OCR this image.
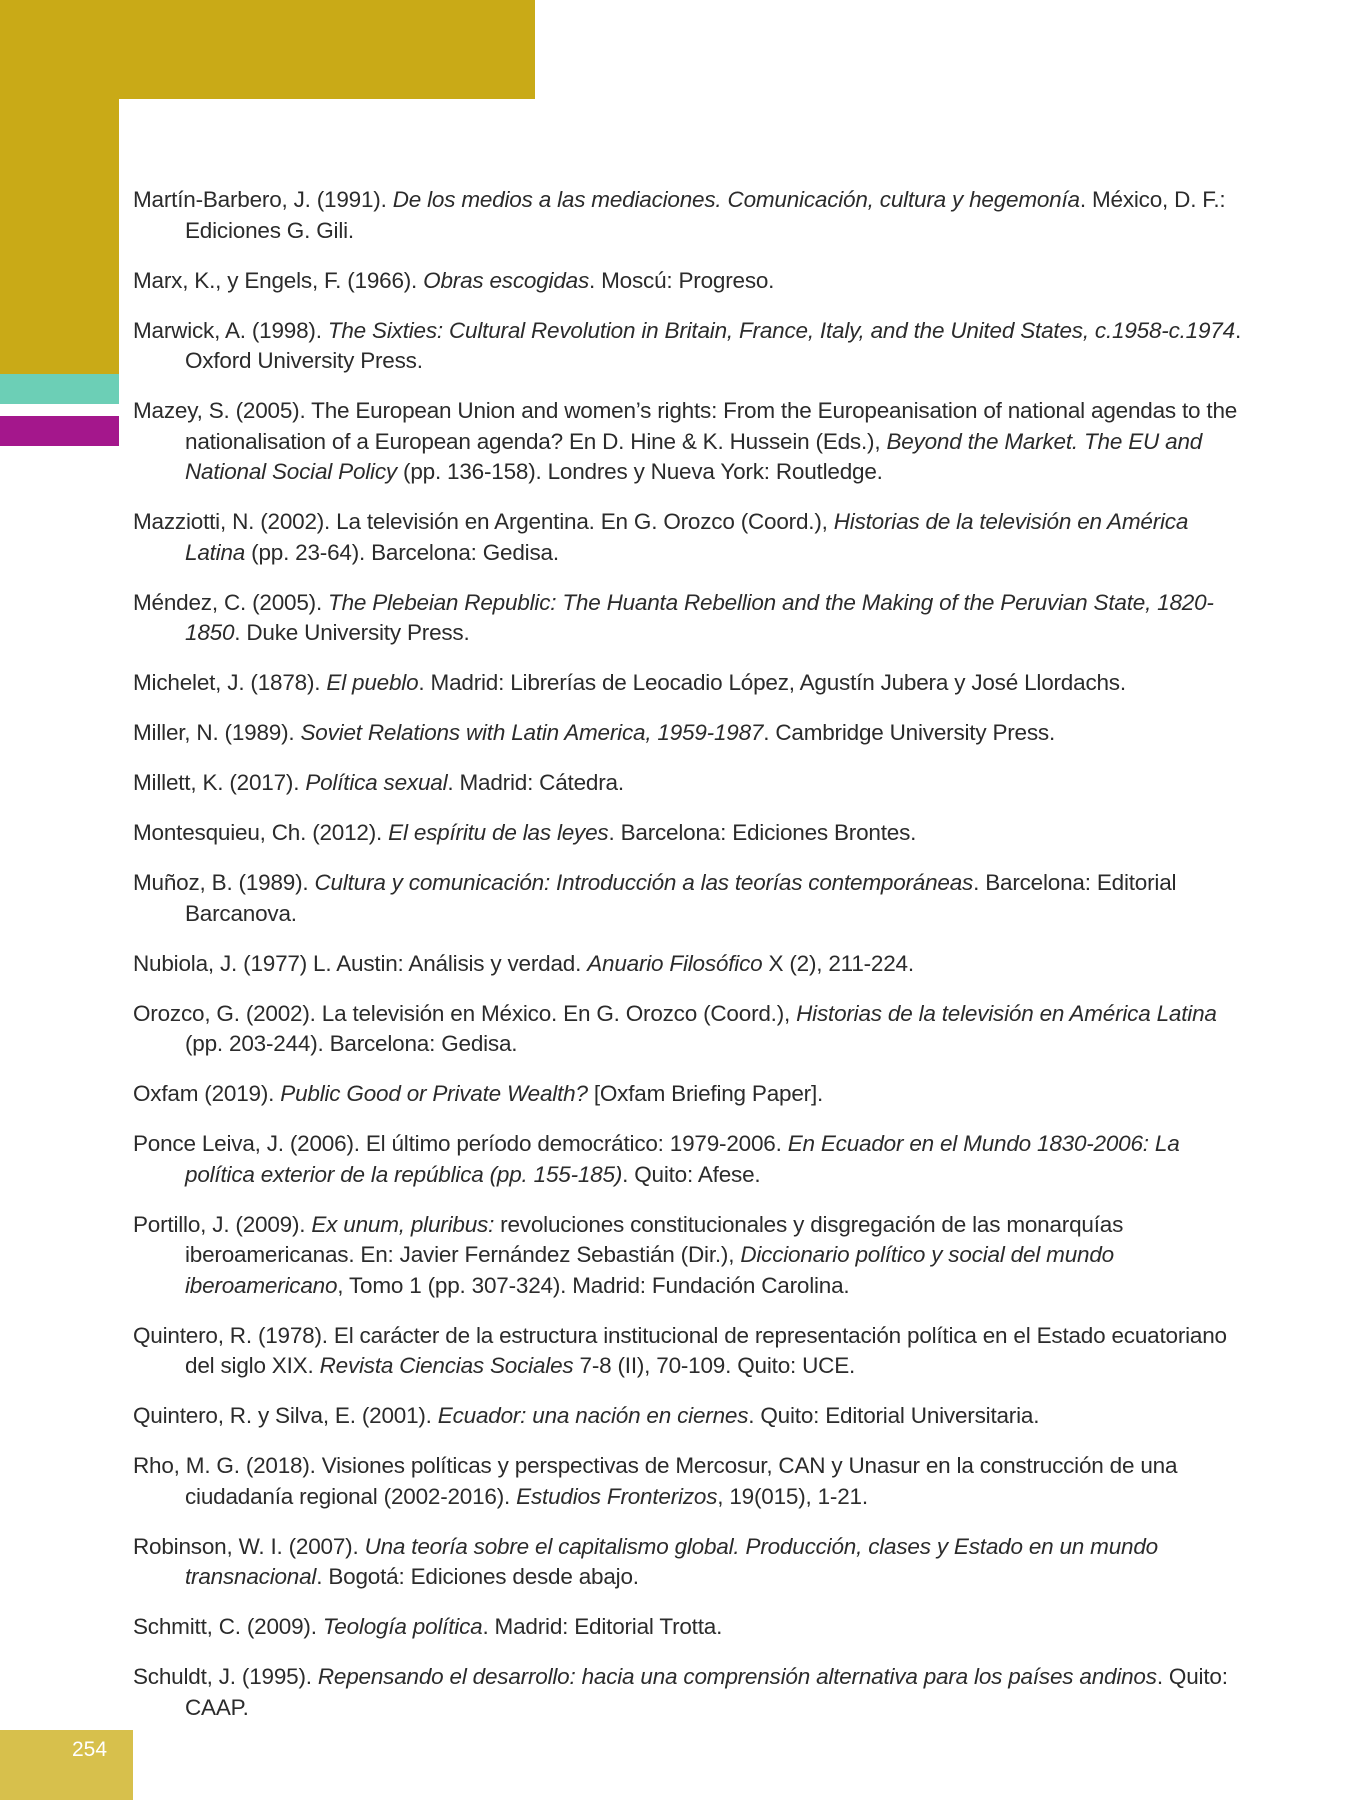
254
Martín-Barbero, J. (1991). De los medios a las mediaciones. Comunicación, cultura y hegemonía. México, D. F.: Ediciones G. Gili.
Marx, K., y Engels, F. (1966). Obras escogidas. Moscú: Progreso.
Marwick, A. (1998). The Sixties: Cultural Revolution in Britain, France, Italy, and the United States, c.1958-c.1974. Oxford University Press.
Mazey, S. (2005). The European Union and women’s rights: From the Europeanisation of national agendas to the nationalisation of a European agenda? En D. Hine & K. Hussein (Eds.), Beyond the Market. The EU and National Social Policy (pp. 136-158). Londres y Nueva York: Routledge.
Mazziotti, N. (2002). La televisión en Argentina. En G. Orozco (Coord.), Historias de la televisión en América Latina (pp. 23-64). Barcelona: Gedisa.
Méndez, C. (2005). The Plebeian Republic: The Huanta Rebellion and the Making of the Peruvian State, 1820-1850. Duke University Press.
Michelet, J. (1878). El pueblo. Madrid: Librerías de Leocadio López, Agustín Jubera y José Llordachs.
Miller, N. (1989). Soviet Relations with Latin America, 1959-1987. Cambridge University Press.
Millett, K. (2017). Política sexual. Madrid: Cátedra.
Montesquieu, Ch. (2012). El espíritu de las leyes. Barcelona: Ediciones Brontes.
Muñoz, B. (1989). Cultura y comunicación: Introducción a las teorías contemporáneas. Barcelona: Editorial Barcanova.
Nubiola, J. (1977) L. Austin: Análisis y verdad. Anuario Filosófico X (2), 211-224.
Orozco, G. (2002). La televisión en México. En G. Orozco (Coord.), Historias de la televisión en América Latina (pp. 203-244). Barcelona: Gedisa.
Oxfam (2019). Public Good or Private Wealth? [Oxfam Briefing Paper].
Ponce Leiva, J. (2006). El último período democrático: 1979-2006. En Ecuador en el Mundo 1830-2006: La política exterior de la república (pp. 155-185). Quito: Afese.
Portillo, J. (2009). Ex unum, pluribus: revoluciones constitucionales y disgregación de las monarquías iberoamericanas. En: Javier Fernández Sebastián (Dir.), Diccionario político y social del mundo iberoamericano, Tomo 1 (pp. 307-324). Madrid: Fundación Carolina.
Quintero, R. (1978). El carácter de la estructura institucional de representación política en el Estado ecuatoriano del siglo XIX. Revista Ciencias Sociales 7-8 (II), 70-109. Quito: UCE.
Quintero, R. y Silva, E. (2001). Ecuador: una nación en ciernes. Quito: Editorial Universitaria.
Rho, M. G. (2018). Visiones políticas y perspectivas de Mercosur, CAN y Unasur en la construcción de una ciudadanía regional (2002-2016). Estudios Fronterizos, 19(015), 1-21.
Robinson, W. I. (2007). Una teoría sobre el capitalismo global. Producción, clases y Estado en un mundo transnacional. Bogotá: Ediciones desde abajo.
Schmitt, C. (2009). Teología política. Madrid: Editorial Trotta.
Schuldt, J. (1995). Repensando el desarrollo: hacia una comprensión alternativa para los países andinos. Quito: CAAP.
